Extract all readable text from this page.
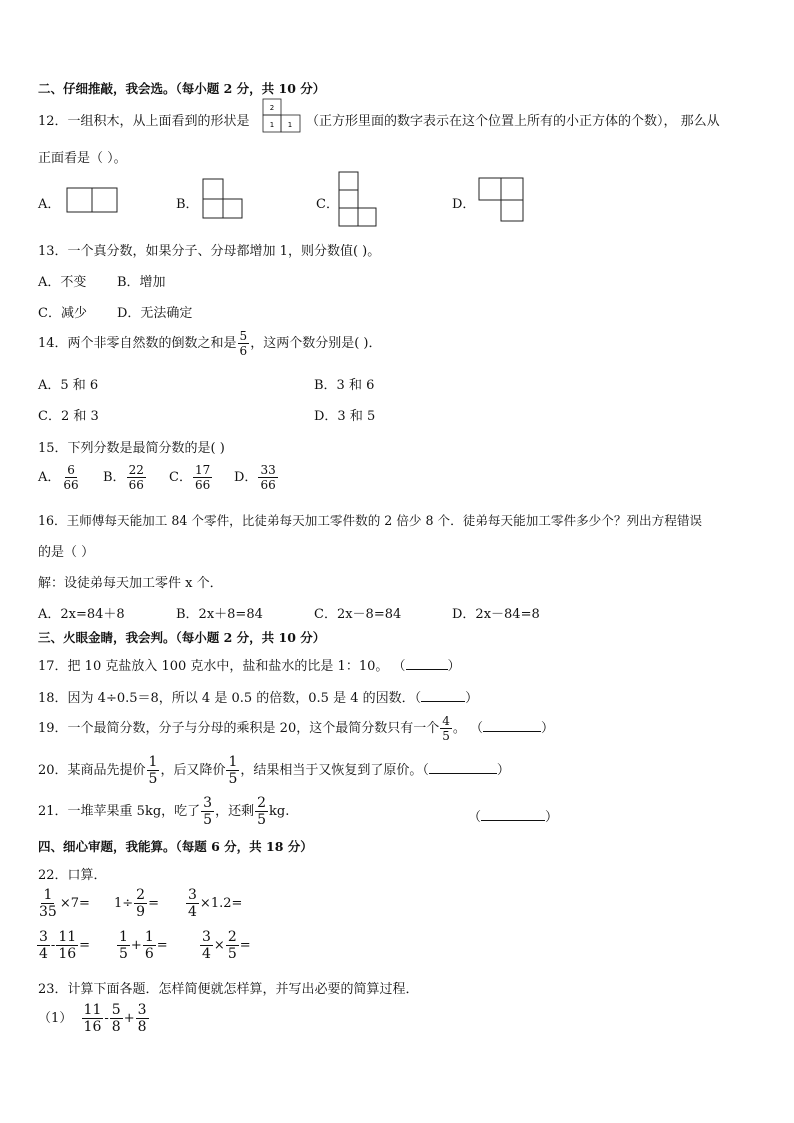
二、仔细推敲，我会选。（每小题 2 分，共 10 分）
12．一组积木，从上面看到的形状是
2
1 1 （正方形里面的数字表示在这个位置上所有的小正方体的个数）， 那么从
正面看是（ ）。
A．	B．	C．	D．
13．一个真分数，如果分子、分母都增加 1，则分数值( )。
A．不变 B．增加
C．减少 D．无法确定
14．两个非零自然数的倒数之和是 $\frac{5}{6}$ ，这两个数分别是( )．
A．5 和 6	B．3 和 6
C．2 和 3	D．3 和 5
15．下列分数是最简分数的是( )
A． $\frac{6}{66}$ B． $\frac{22}{66}$ C． $\frac{17}{66}$ D． $\frac{33}{66}$
16．王师傅每天能加工 84 个零件，比徒弟每天加工零件数的 2 倍少 8 个．徒弟每天能加工零件多少个？列出方程错误
的是（ ）
解：设徒弟每天加工零件 x 个．
A．2x=84＋8	B．2x＋8=84	C．2x－8=84	D．2x－84=8
三、火眼金睛，我会判。（每小题 2 分，共 10 分）
17．把 10 克盐放入 100 克水中，盐和盐水的比是 1：10。 （	）
18．因为 4÷0.5＝8，所以 4 是 0.5 的倍数，0.5 是 4 的因数．（	）
19．一个最简分数，分子与分母的乘积是 20，这个最简分数只有一个 $\frac{4}{5}$ 。 （	）
20．某商品先提价 $\frac{1}{5}$ ，后又降价 $\frac{1}{5}$ ，结果相当于又恢复到了原价。（	）
21．一堆苹果重 5kg，吃了 $\frac{3}{5}$ ，还剩 $\frac{2}{5}$ kg.	（	）
四、细心审题，我能算。（每题 6 分，共 18 分）
22．口算．
$\frac{1}{35} \times 7= 1\div \frac{2}{9} = \frac{3}{4} \times 1.2=$
$\frac{3}{4} - \frac{11}{16} = \frac{1}{5} + \frac{1}{6} = \frac{3}{4} \times \frac{2}{5}$ =
23．计算下面各题．怎样简便就怎样算，并写出必要的简算过程．
$(1) \frac{11}{16} - \frac{5}{8} + \frac{3}{8}$
